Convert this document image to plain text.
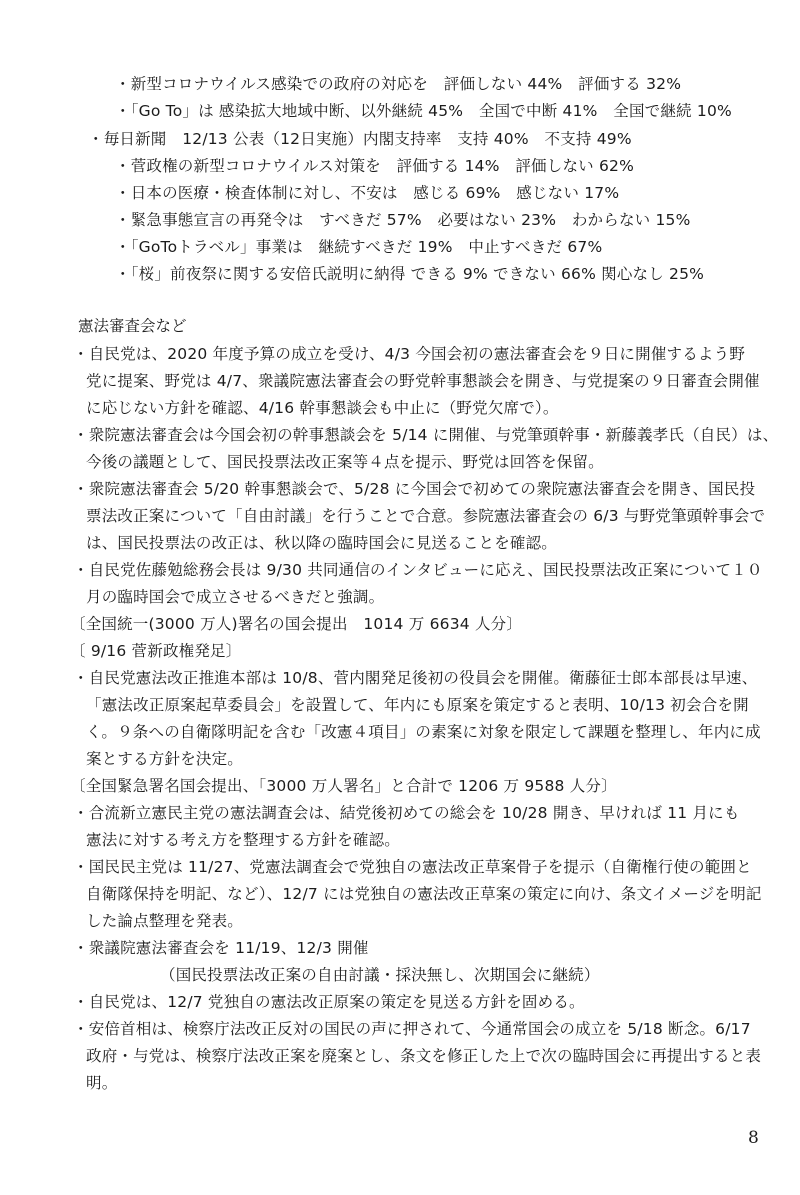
・新型コロナウイルス感染での政府の対応を　評価しない 44%　評価する 32%
・「Go To」は 感染拡大地域中断、以外継続 45%　全国で中断 41%　全国で継続 10%
・毎日新聞　12/13 公表（12日実施）内閣支持率　支持 40%　不支持 49%
・菅政権の新型コロナウイルス対策を　評価する 14%　評価しない 62%
・日本の医療・検査体制に対し、不安は　感じる 69%　感じない 17%
・緊急事態宣言の再発令は　すべきだ 57%　必要はない 23%　わからない 15%
・「GoToトラベル」事業は　継続すべきだ 19%　中止すべきだ 67%
・「桜」前夜祭に関する安倍氏説明に納得 できる 9% できない 66% 関心なし 25%
憲法審査会など
・自民党は、2020 年度予算の成立を受け、4/3 今国会初の憲法審査会を９日に開催するよう野
党に提案、野党は 4/7、衆議院憲法審査会の野党幹事懇談会を開き、与党提案の９日審査会開催
に応じない方針を確認、4/16 幹事懇談会も中止に（野党欠席で）。
・衆院憲法審査会は今国会初の幹事懇談会を 5/14 に開催、与党筆頭幹事・新藤義孝氏（自民）は、
今後の議題として、国民投票法改正案等４点を提示、野党は回答を保留。
・衆院憲法審査会 5/20 幹事懇談会で、5/28 に今国会で初めての衆院憲法審査会を開き、国民投
票法改正案について「自由討議」を行うことで合意。参院憲法審査会の 6/3 与野党筆頭幹事会で
は、国民投票法の改正は、秋以降の臨時国会に見送ることを確認。
・自民党佐藤勉総務会長は 9/30 共同通信のインタビューに応え、国民投票法改正案について１０
月の臨時国会で成立させるべきだと強調。
〔全国統一(3000 万人)署名の国会提出　1014 万 6634 人分〕
〔 9/16 菅新政権発足〕
・自民党憲法改正推進本部は 10/8、菅内閣発足後初の役員会を開催。衛藤征士郎本部長は早速、
「憲法改正原案起草委員会」を設置して、年内にも原案を策定すると表明、10/13 初会合を開
く。９条への自衛隊明記を含む「改憲４項目」の素案に対象を限定して課題を整理し、年内に成
案とする方針を決定。
〔全国緊急署名国会提出、「3000 万人署名」と合計で 1206 万 9588 人分〕
・合流新立憲民主党の憲法調査会は、結党後初めての総会を 10/28 開き、早ければ 11 月にも
憲法に対する考え方を整理する方針を確認。
・国民民主党は 11/27、党憲法調査会で党独自の憲法改正草案骨子を提示（自衛権行使の範囲と
自衛隊保持を明記、など）、12/7 には党独自の憲法改正草案の策定に向け、条文イメージを明記
した論点整理を発表。
・衆議院憲法審査会を 11/19、12/3 開催
（国民投票法改正案の自由討議・採決無し、次期国会に継続）
・自民党は、12/7 党独自の憲法改正原案の策定を見送る方針を固める。
・安倍首相は、検察庁法改正反対の国民の声に押されて、今通常国会の成立を 5/18 断念。6/17
政府・与党は、検察庁法改正案を廃案とし、条文を修正した上で次の臨時国会に再提出すると表
明。
8
